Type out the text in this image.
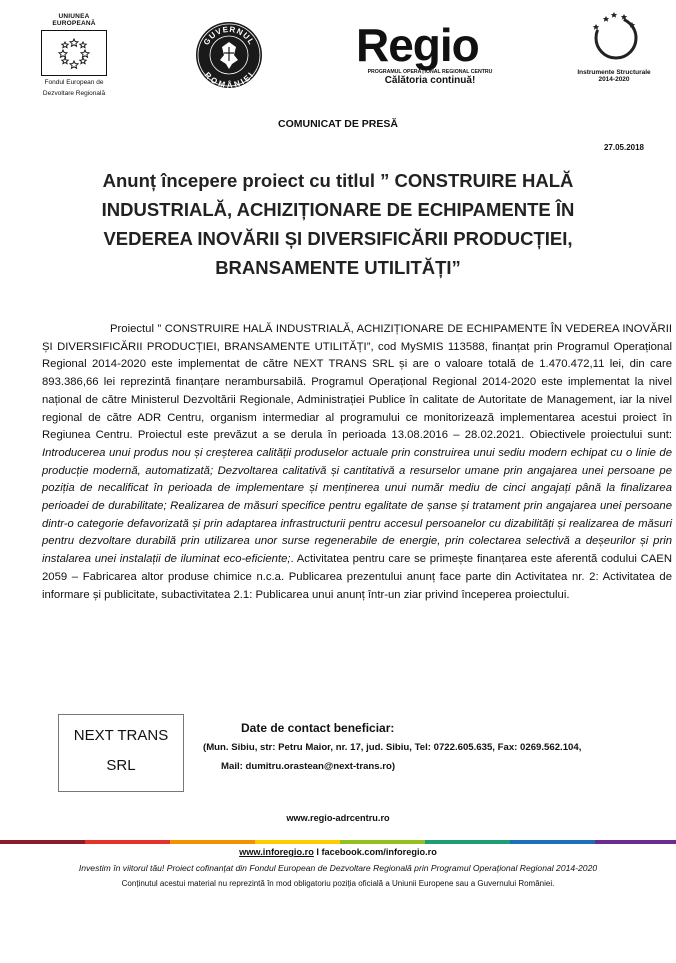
UNIUNEA EUROPEANĂ
Fondul European de
Dezvoltare Regională
GUVERNUL
ROMÂNIEI
Regio
PROGRAMUL OPERAȚIONAL REGIONAL CENTRU
Călătoria continuă!
Instrumente Structurale
2014-2020
COMUNICAT DE PRESĂ
27.05.2018
Anunț începere proiect cu titlul ” CONSTRUIRE HALĂ INDUSTRIALĂ, ACHIZIȚIONARE DE ECHIPAMENTE ÎN VEDEREA INOVĂRII ȘI DIVERSIFICĂRII PRODUCȚIEI, BRANSAMENTE UTILITĂȚI”

Proiectul ” CONSTRUIRE HALĂ INDUSTRIALĂ, ACHIZIȚIONARE DE ECHIPAMENTE ÎN VEDEREA INOVĂRII ȘI DIVERSIFICĂRII PRODUCȚIEI, BRANSAMENTE UTILITĂȚI”, cod MySMIS 113588, finanțat prin Programul Operațional Regional 2014-2020 este implementat de către NEXT TRANS SRL și are o valoare totală de 1.470.472,11 lei, din care 893.386,66 lei reprezintă finanțare nerambursabilă. Programul Operațional Regional 2014-2020 este implementat la nivel național de către Ministerul Dezvoltării Regionale, Administrației Publice în calitate de Autoritate de Management, iar la nivel regional de către ADR Centru, organism intermediar al programului ce monitorizează implementarea acestui proiect în Regiunea Centru. Proiectul este prevăzut a se derula în perioada 13.08.2016 – 28.02.2021. Obiectivele proiectului sunt: Introducerea unui produs nou și creșterea calității produselor actuale prin construirea unui sediu modern echipat cu o linie de producție modernă, automatizată; Dezvoltarea calitativă și cantitativă a resurselor umane prin angajarea unei persoane pe poziția de necalificat în perioada de implementare și menținerea unui număr mediu de cinci angajați până la finalizarea perioadei de durabilitate; Realizarea de măsuri specifice pentru egalitate de șanse și tratament prin angajarea unei persoane dintr-o categorie defavorizată și prin adaptarea infrastructurii pentru accesul persoanelor cu dizabilități și realizarea de măsuri pentru dezvoltare durabilă prin utilizarea unor surse regenerabile de energie, prin colectarea selectivă a deșeurilor și prin instalarea unei instalații de iluminat eco-eficiente;. Activitatea pentru care se primește finanțarea este aferentă codului CAEN 2059 – Fabricarea altor produse chimice n.c.a. Publicarea prezentului anunț face parte din Activitatea nr. 2: Activitatea de informare și publicitate, subactivitatea 2.1: Publicarea unui anunț într-un ziar privind începerea proiectului.

NEXT TRANS
SRL
Date de contact beneficiar:
(Mun. Sibiu, str: Petru Maior, nr. 17, jud. Sibiu, Tel: 0722.605.635, Fax: 0269.562.104,
Mail: dumitru.orastean@next-trans.ro)
www.regio-adrcentru.ro
www.inforegio.ro I facebook.com/inforegio.ro
Investim în viitorul tău! Proiect cofinanţat din Fondul European de Dezvoltare Regională prin Programul Operaţional Regional 2014-2020
Conținutul acestui material nu reprezintă în mod obligatoriu poziția oficială a Uniunii Europene sau a Guvernului României.
